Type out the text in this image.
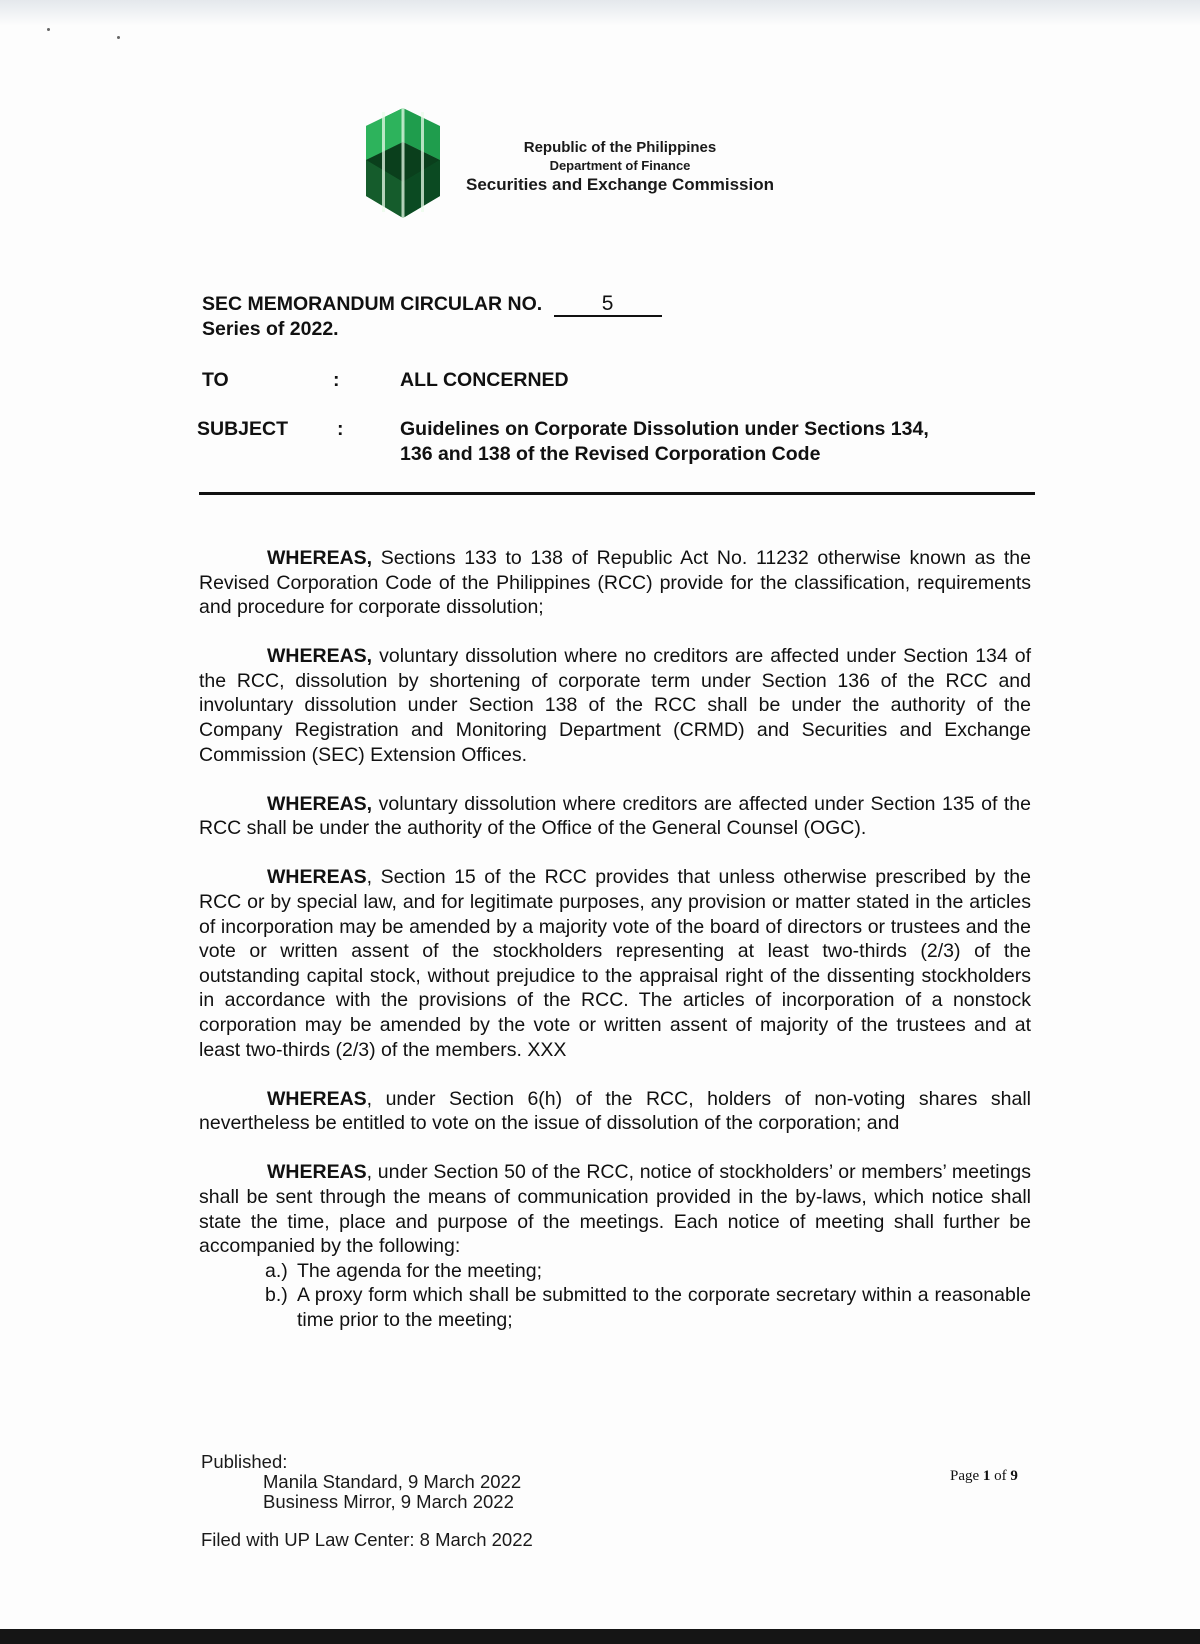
Republic of the Philippines
Department of Finance
Securities and Exchange Commission
SEC MEMORANDUM CIRCULAR NO.	5
Series of 2022.
TO	:	ALL CONCERNED
SUBJECT	:	Guidelines on Corporate Dissolution under Sections 134,
136 and 138 of the Revised Corporation Code

WHEREAS, Sections 133 to 138 of Republic Act No. 11232 otherwise known as the Revised Corporation Code of the Philippines (RCC) provide for the classification, requirements and procedure for corporate dissolution;

WHEREAS, voluntary dissolution where no creditors are affected under Section 134 of the RCC, dissolution by shortening of corporate term under Section 136 of the RCC and involuntary dissolution under Section 138 of the RCC shall be under the authority of the Company Registration and Monitoring Department (CRMD) and Securities and Exchange Commission (SEC) Extension Offices.

WHEREAS, voluntary dissolution where creditors are affected under Section 135 of the RCC shall be under the authority of the Office of the General Counsel (OGC).

WHEREAS, Section 15 of the RCC provides that unless otherwise prescribed by the RCC or by special law, and for legitimate purposes, any provision or matter stated in the articles of incorporation may be amended by a majority vote of the board of directors or trustees and the vote or written assent of the stockholders representing at least two-thirds (2/3) of the outstanding capital stock, without prejudice to the appraisal right of the dissenting stockholders in accordance with the provisions of the RCC. The articles of incorporation of a nonstock corporation may be amended by the vote or written assent of majority of the trustees and at least two-thirds (2/3) of the members. XXX

WHEREAS, under Section 6(h) of the RCC, holders of non-voting shares shall nevertheless be entitled to vote on the issue of dissolution of the corporation; and

WHEREAS, under Section 50 of the RCC, notice of stockholders’ or members’ meetings shall be sent through the means of communication provided in the by-laws, which notice shall state the time, place and purpose of the meetings. Each notice of meeting shall further be accompanied by the following:

a.) The agenda for the meeting;
b.) A proxy form which shall be submitted to the corporate secretary within a reasonable time prior to the meeting;
Published:
Manila Standard, 9 March 2022
Business Mirror, 9 March 2022
Filed with UP Law Center: 8 March 2022
Page 1 of 9
